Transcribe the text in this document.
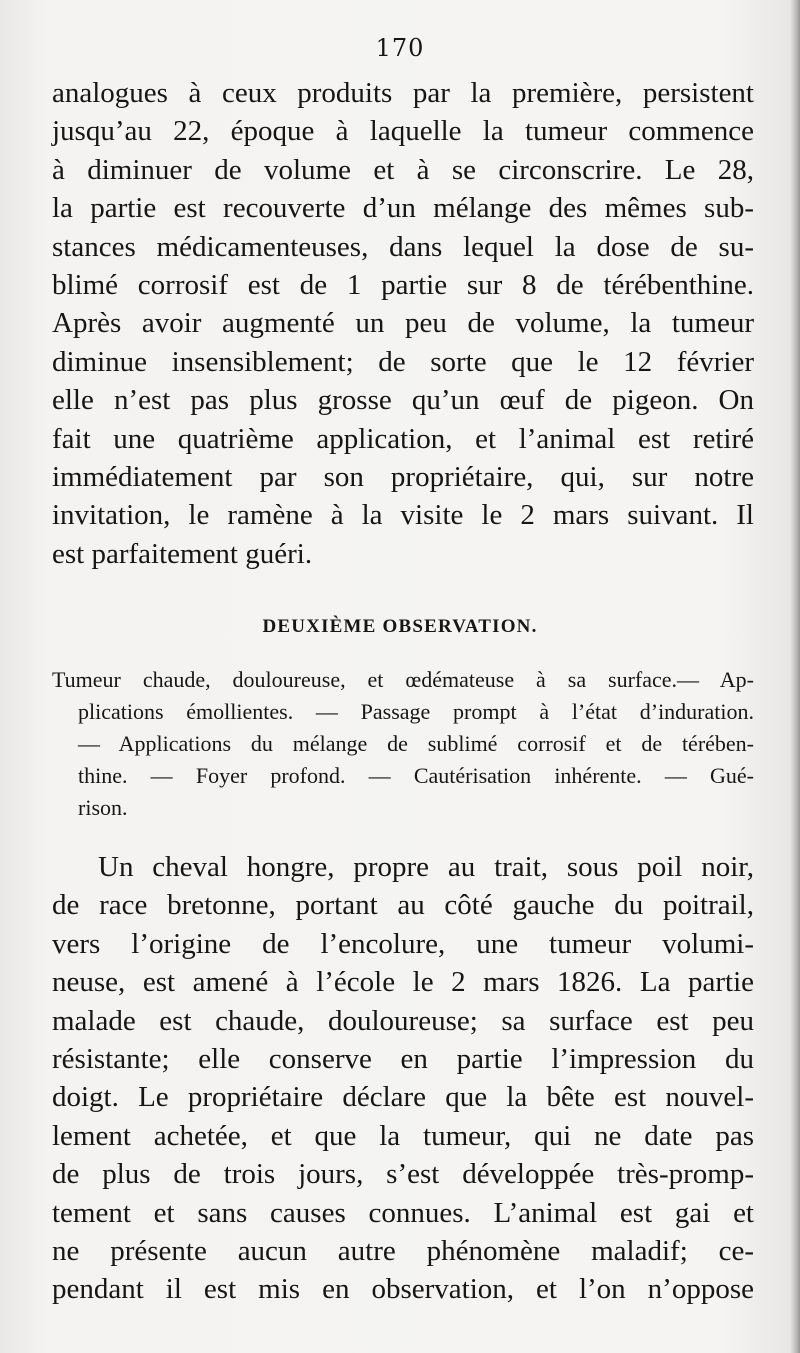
170
analogues à ceux produits par la première, persistent
jusqu’au 22, époque à laquelle la tumeur commence
à diminuer de volume et à se circonscrire. Le 28,
la partie est recouverte d’un mélange des mêmes sub-
stances médicamenteuses, dans lequel la dose de su-
blimé corrosif est de 1 partie sur 8 de térébenthine.
Après avoir augmenté un peu de volume, la tumeur
diminue insensiblement; de sorte que le 12 février
elle n’est pas plus grosse qu’un œuf de pigeon. On
fait une quatrième application, et l’animal est retiré
immédiatement par son propriétaire, qui, sur notre
invitation, le ramène à la visite le 2 mars suivant. Il
est parfaitement guéri.
DEUXIÈME OBSERVATION.
Tumeur chaude, douloureuse, et œdémateuse à sa surface.— Ap-
plications émollientes. — Passage prompt à l’état d’induration.
— Applications du mélange de sublimé corrosif et de térében-
thine. — Foyer profond. — Cautérisation inhérente. — Gué-
rison.
Un cheval hongre, propre au trait, sous poil noir,
de race bretonne, portant au côté gauche du poitrail,
vers l’origine de l’encolure, une tumeur volumi-
neuse, est amené à l’école le 2 mars 1826. La partie
malade est chaude, douloureuse; sa surface est peu
résistante; elle conserve en partie l’impression du
doigt. Le propriétaire déclare que la bête est nouvel-
lement achetée, et que la tumeur, qui ne date pas
de plus de trois jours, s’est développée très-promp-
tement et sans causes connues. L’animal est gai et
ne présente aucun autre phénomène maladif; ce-
pendant il est mis en observation, et l’on n’oppose
